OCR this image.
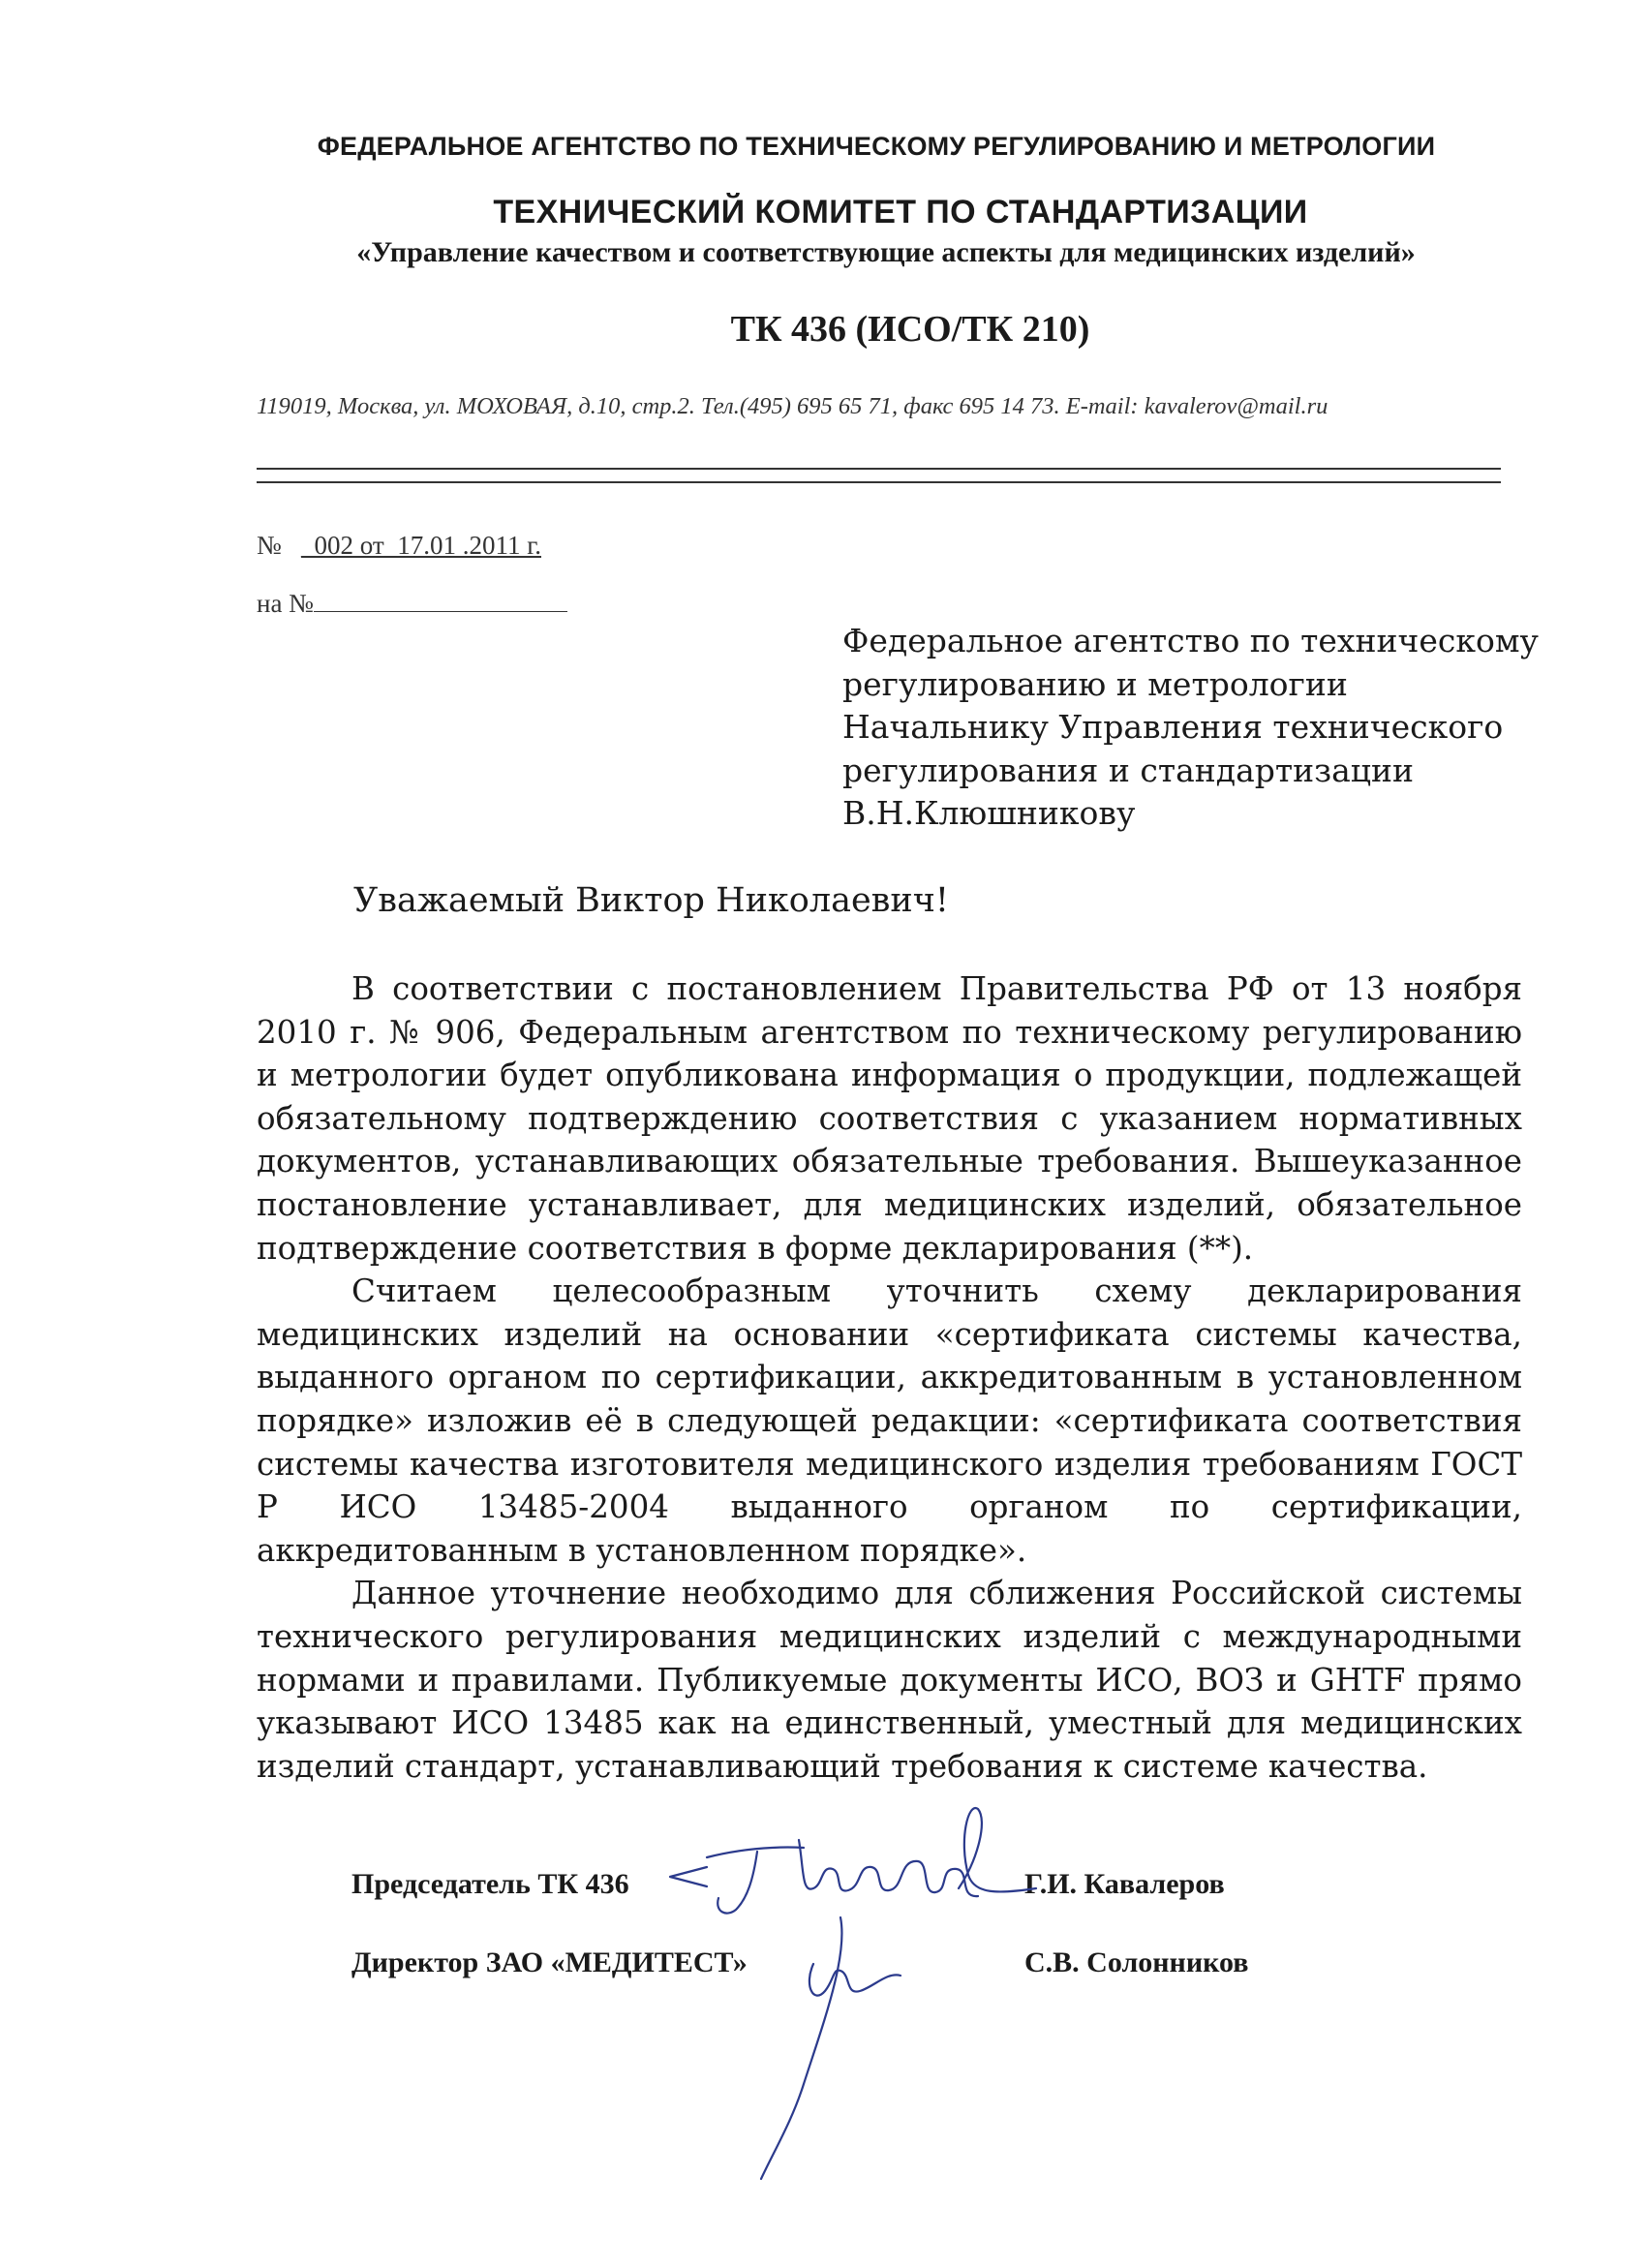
ФЕДЕРАЛЬНОЕ АГЕНТСТВО ПО ТЕХНИЧЕСКОМУ РЕГУЛИРОВАНИЮ И МЕТРОЛОГИИ
ТЕХНИЧЕСКИЙ КОМИТЕТ ПО СТАНДАРТИЗАЦИИ
«Управление качеством и соответствующие аспекты для медицинских изделий»
ТК 436 (ИСО/ТК 210)
119019, Москва, ул. МОХОВАЯ, д.10, стр.2. Тел.(495) 695 65 71, факс 695 14 73. E-mail: kavalerov@mail.ru
№ _002 от_17.01 .2011 г.
на №
Федеральное агентство по техническому
регулированию и метрологии
Начальнику Управления технического
регулирования и стандартизации
В.Н.Клюшникову
Уважаемый Виктор Николаевич!

В соответствии с постановлением Правительства РФ от 13 ноября 2010 г. № 906, Федеральным агентством по техническому регулированию и метрологии будет опубликована информация о продукции, подлежащей обязательному подтверждению соответствия с указанием нормативных документов, устанавливающих обязательные требования. Вышеуказанное постановление устанавливает, для медицинских изделий, обязательное подтверждение соответствия в форме декларирования (**).

Считаем целесообразным уточнить схему декларирования медицинских изделий на основании «сертификата системы качества, выданного органом по сертификации, аккредитованным в установленном порядке» изложив её в следующей редакции: «сертификата соответствия системы качества изготовителя медицинского изделия требованиям ГОСТ Р ИСО 13485-2004 выданного органом по сертификации, аккредитованным в установленном порядке».

Данное уточнение необходимо для сближения Российской системы технического регулирования медицинских изделий с международными нормами и правилами. Публикуемые документы ИСО, ВОЗ и GHTF прямо указывают ИСО 13485 как на единственный, уместный для медицинских изделий стандарт, устанавливающий требования к системе качества.

Председатель ТК 436	Г.И. Кавалеров
Директор ЗАО «МЕДИТЕСТ»	С.В. Солонников
